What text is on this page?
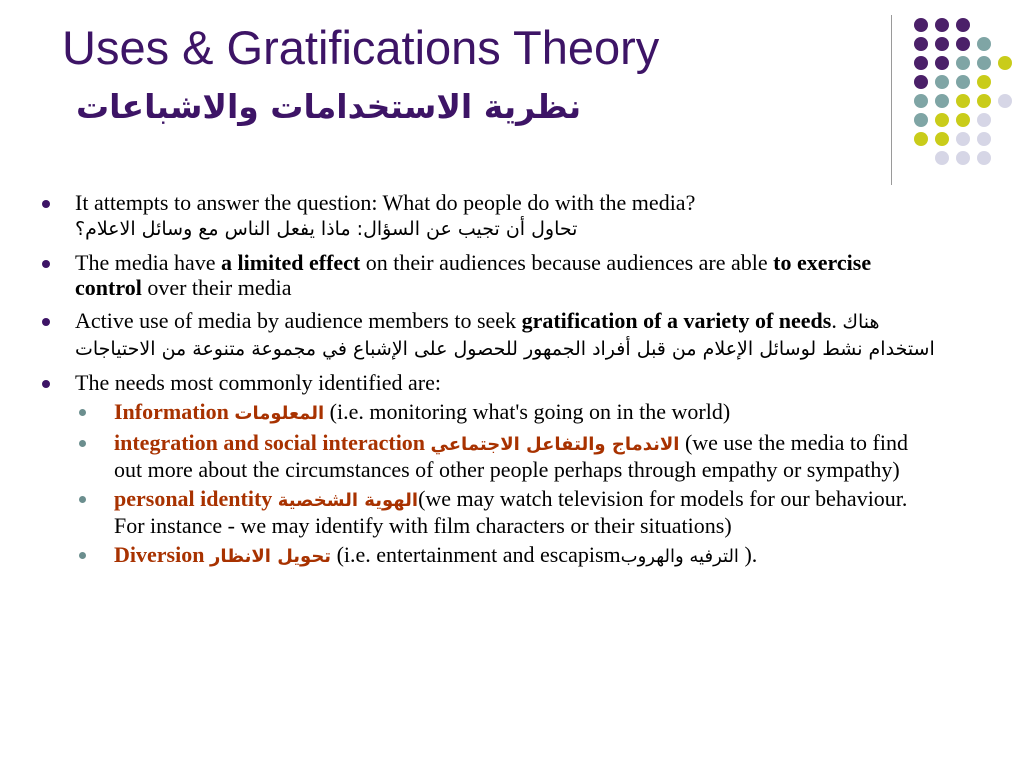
Uses & Gratifications Theory
نظرية الاستخدامات والاشباعات
It attempts to answer the question: What do people do with the media?
تحاول أن تجيب عن السؤال: ماذا يفعل الناس مع وسائل الاعلام؟
The media have a limited effect on their audiences because audiences are able to exercise control over their media
Active use of media by audience members to seek gratification of a variety of needs. هناك استخدام نشط لوسائل الإعلام من قبل أفراد الجمهور للحصول على الإشباع في مجموعة متنوعة من الاحتياجات
The needs most commonly identified are:
Information المعلومات (i.e. monitoring what's going on in the world)
integration and social interaction الاندماج والتفاعل الاجتماعي (we use the media to find out more about the circumstances of other people perhaps through empathy or sympathy)
personal identity الهوية الشخصية(we may watch television for models for our behaviour. For instance - we may identify with film characters or their situations)
Diversion تحويل الانظار (i.e. entertainment and escapismالترفيه والهروب ).
